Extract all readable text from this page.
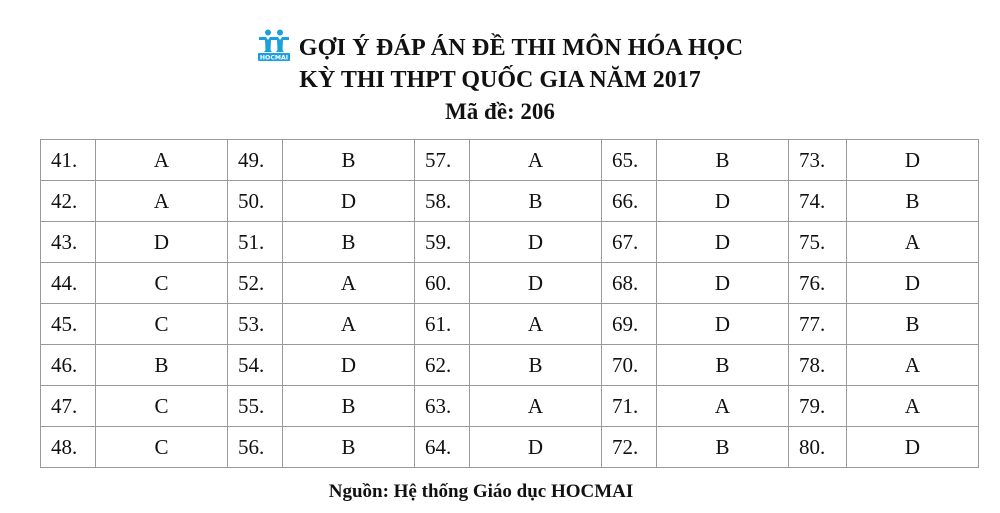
HOCMAI GỢI Ý ĐÁP ÁN ĐỀ THI MÔN HÓA HỌC
KỲ THI THPT QUỐC GIA NĂM 2017
Mã đề: 206
41.	A	49.	B	57.	A	65.	B	73.	D
42.	A	50.	D	58.	B	66.	D	74.	B
43.	D	51.	B	59.	D	67.	D	75.	A
44.	C	52.	A	60.	D	68.	D	76.	D
45.	C	53.	A	61.	A	69.	D	77.	B
46.	B	54.	D	62.	B	70.	B	78.	A
47.	C	55.	B	63.	A	71.	A	79.	A
48.	C	56.	B	64.	D	72.	B	80.	D
Nguồn: Hệ thống Giáo dục HOCMAI
